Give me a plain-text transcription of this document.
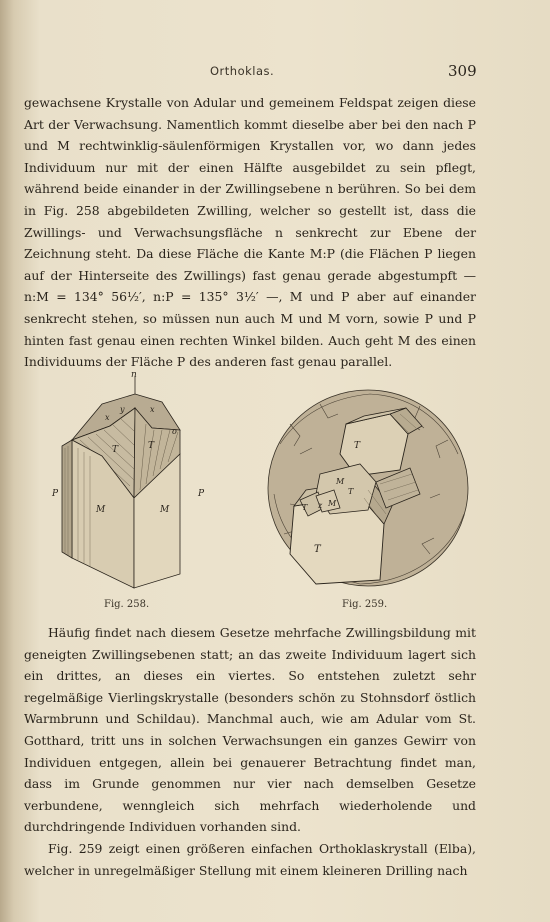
Orthoklas.	309

gewachsene Krystalle von Adular und gemeinem Feldspat zeigen diese Art der Verwachsung. Namentlich kommt dieselbe aber bei den nach P und M rechtwinklig-säulenförmigen Krystallen vor, wo dann jedes Individuum nur mit der einen Hälfte ausgebildet zu sein pflegt, während beide einander in der Zwillingsebene n berühren. So bei dem in Fig. 258 abgebildeten Zwilling, welcher so gestellt ist, dass die Zwillings- und Verwachsungsfläche n senkrecht zur Ebene der Zeichnung steht. Da diese Fläche die Kante M:P (die Flächen P liegen auf der Hinterseite des Zwillings) fast genau gerade abgestumpft — n:M = 134° 56½′, n:P = 135° 3½′ —, M und P aber auf einander senkrecht stehen, so müssen nun auch M und M vorn, sowie P und P hinten fast genau einen rechten Winkel bilden. Auch geht M des einen Individuums der Fläche P des anderen fast genau parallel.

n
x
y	x
o
T	T
P	P
M	M
T
M
T
T z M
T
Fig. 258.	Fig. 259.

Häufig findet nach diesem Gesetze mehrfache Zwillingsbildung mit geneigten Zwillingsebenen statt; an das zweite Individuum lagert sich ein drittes, an dieses ein viertes. So entstehen zuletzt sehr regelmäßige Vierlingskrystalle (besonders schön zu Stohnsdorf östlich Warmbrunn und Schildau). Manchmal auch, wie am Adular vom St. Gotthard, tritt uns in solchen Verwachsungen ein ganzes Gewirr von Individuen entgegen, allein bei genauerer Betrachtung findet man, dass im Grunde genommen nur vier nach demselben Gesetze verbundene, wenngleich sich mehrfach wiederholende und durchdringende Individuen vorhanden sind.

Fig. 259 zeigt einen größeren einfachen Orthoklaskrystall (Elba), welcher in unregelmäßiger Stellung mit einem kleineren Drilling nach
